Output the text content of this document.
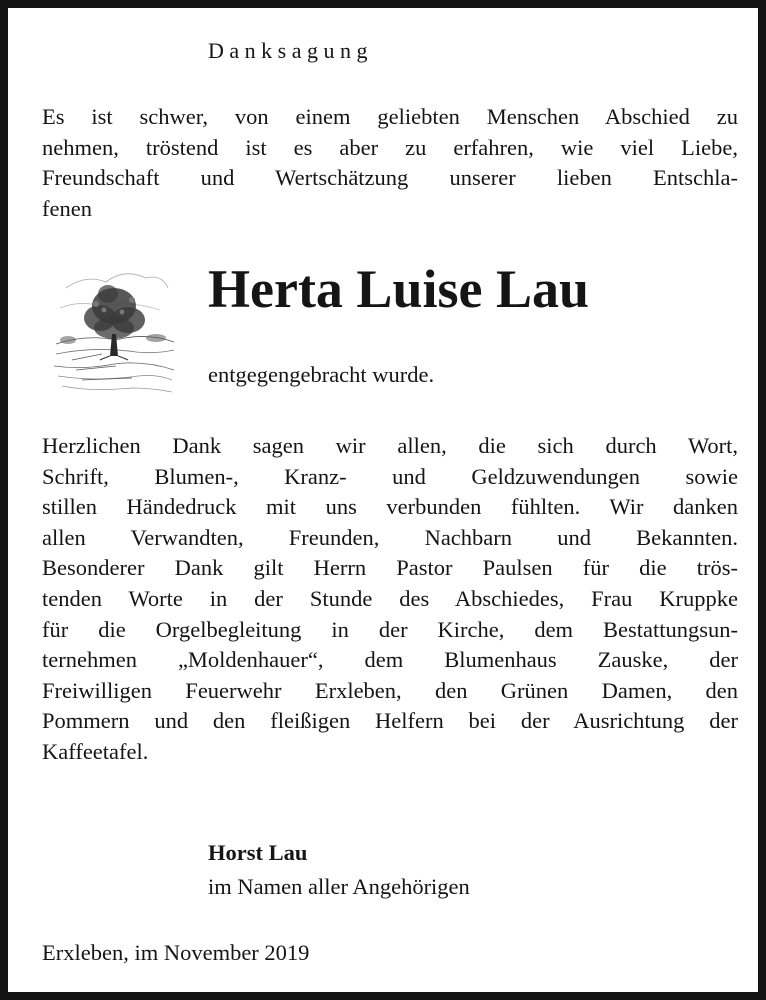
Danksagung
Es ist schwer, von einem geliebten Menschen Abschied zu
nehmen, tröstend ist es aber zu erfahren, wie viel Liebe,
Freundschaft und Wertschätzung unserer lieben Entschla-
fenen
Herta Luise Lau
entgegengebracht wurde.
Herzlichen Dank sagen wir allen, die sich durch Wort,
Schrift, Blumen-, Kranz- und Geldzuwendungen sowie
stillen Händedruck mit uns verbunden fühlten. Wir danken
allen Verwandten, Freunden, Nachbarn und Bekannten.
Besonderer Dank gilt Herrn Pastor Paulsen für die trös-
tenden Worte in der Stunde des Abschiedes, Frau Kruppke
für die Orgelbegleitung in der Kirche, dem Bestattungsun-
ternehmen „Moldenhauer“, dem Blumenhaus Zauske, der
Freiwilligen Feuerwehr Erxleben, den Grünen Damen, den
Pommern und den fleißigen Helfern bei der Ausrichtung der
Kaffeetafel.
Horst Lau
im Namen aller Angehörigen
Erxleben, im November 2019
